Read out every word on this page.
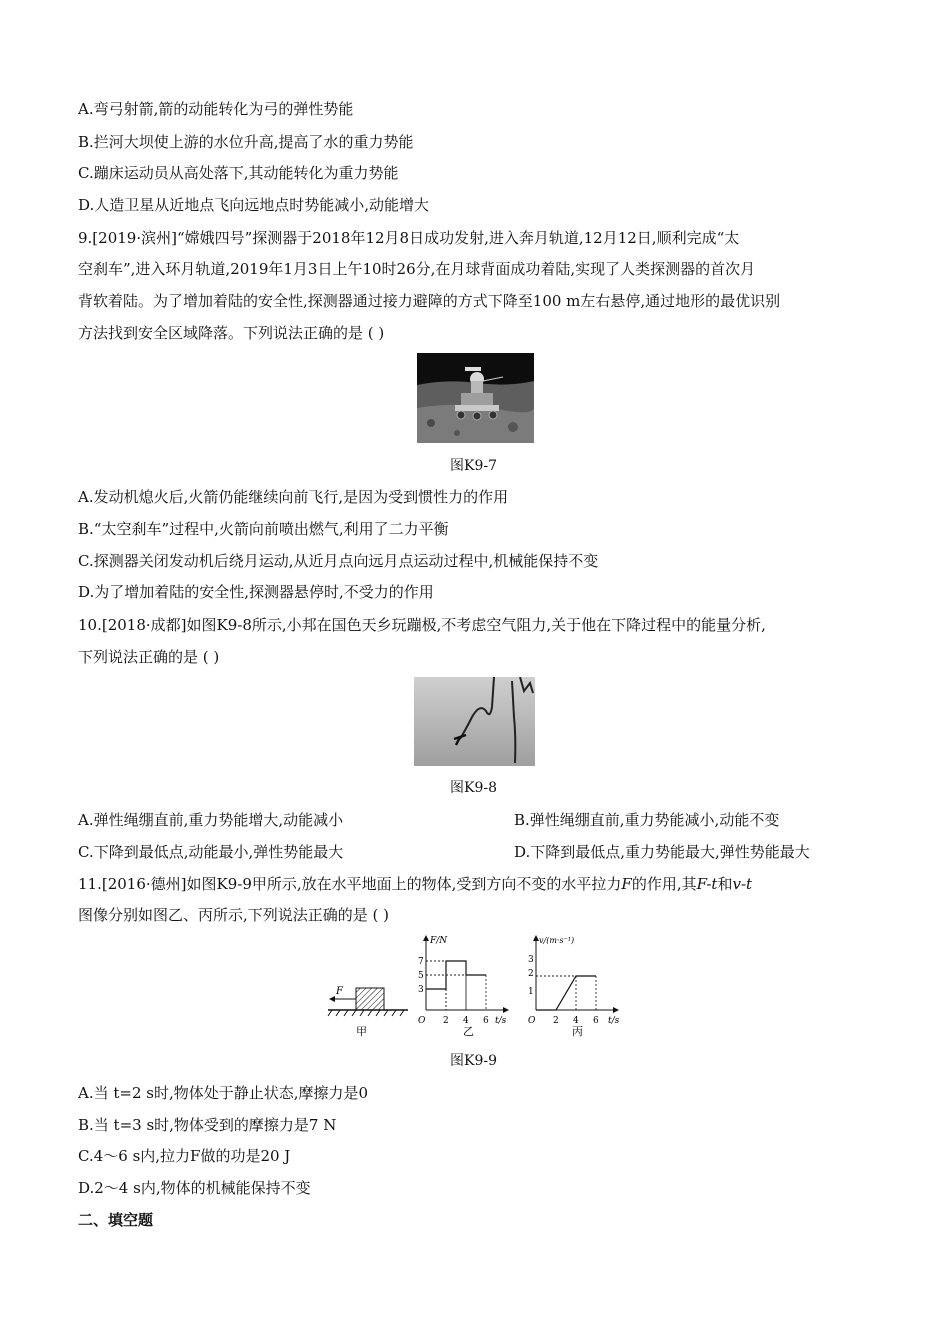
A.弯弓射箭,箭的动能转化为弓的弹性势能
B.拦河大坝使上游的水位升高,提高了水的重力势能
C.蹦床运动员从高处落下,其动能转化为重力势能
D.人造卫星从近地点飞向远地点时势能减小,动能增大
9.[2019·滨州]“嫦娥四号”探测器于2018年12月8日成功发射,进入奔月轨道,12月12日,顺利完成“太
空刹车”,进入环月轨道,2019年1月3日上午10时26分,在月球背面成功着陆,实现了人类探测器的首次月
背软着陆。为了增加着陆的安全性,探测器通过接力避障的方式下降至100 m左右悬停,通过地形的最优识别
方法找到安全区域降落。下列说法正确的是 ( )
图K9-7
A.发动机熄火后,火箭仍能继续向前飞行,是因为受到惯性力的作用
B.“太空刹车”过程中,火箭向前喷出燃气,利用了二力平衡
C.探测器关闭发动机后绕月运动,从近月点向远月点运动过程中,机械能保持不变
D.为了增加着陆的安全性,探测器悬停时,不受力的作用
10.[2018·成都]如图K9-8所示,小邦在国色天乡玩蹦极,不考虑空气阻力,关于他在下降过程中的能量分析,
下列说法正确的是 ( )
图K9-8
A.弹性绳绷直前,重力势能增大,动能减小	B.弹性绳绷直前,重力势能减小,动能不变
C.下降到最低点,动能最小,弹性势能最大	D.下降到最低点,重力势能最大,弹性势能最大
11.[2016·德州]如图K9-9甲所示,放在水平地面上的物体,受到方向不变的水平拉力F的作用,其F-t和v-t
图像分别如图乙、丙所示,下列说法正确的是 ( )
F
甲
F/N
t/s
O
7
5
3
2 4 6
乙
v/(m·s⁻¹)
t/s
O
3
2
1
2 4 6
丙
图K9-9
A.当 t=2 s时,物体处于静止状态,摩擦力是0
B.当 t=3 s时,物体受到的摩擦力是7 N
C.4～6 s内,拉力F做的功是20 J
D.2～4 s内,物体的机械能保持不变
二、填空题
